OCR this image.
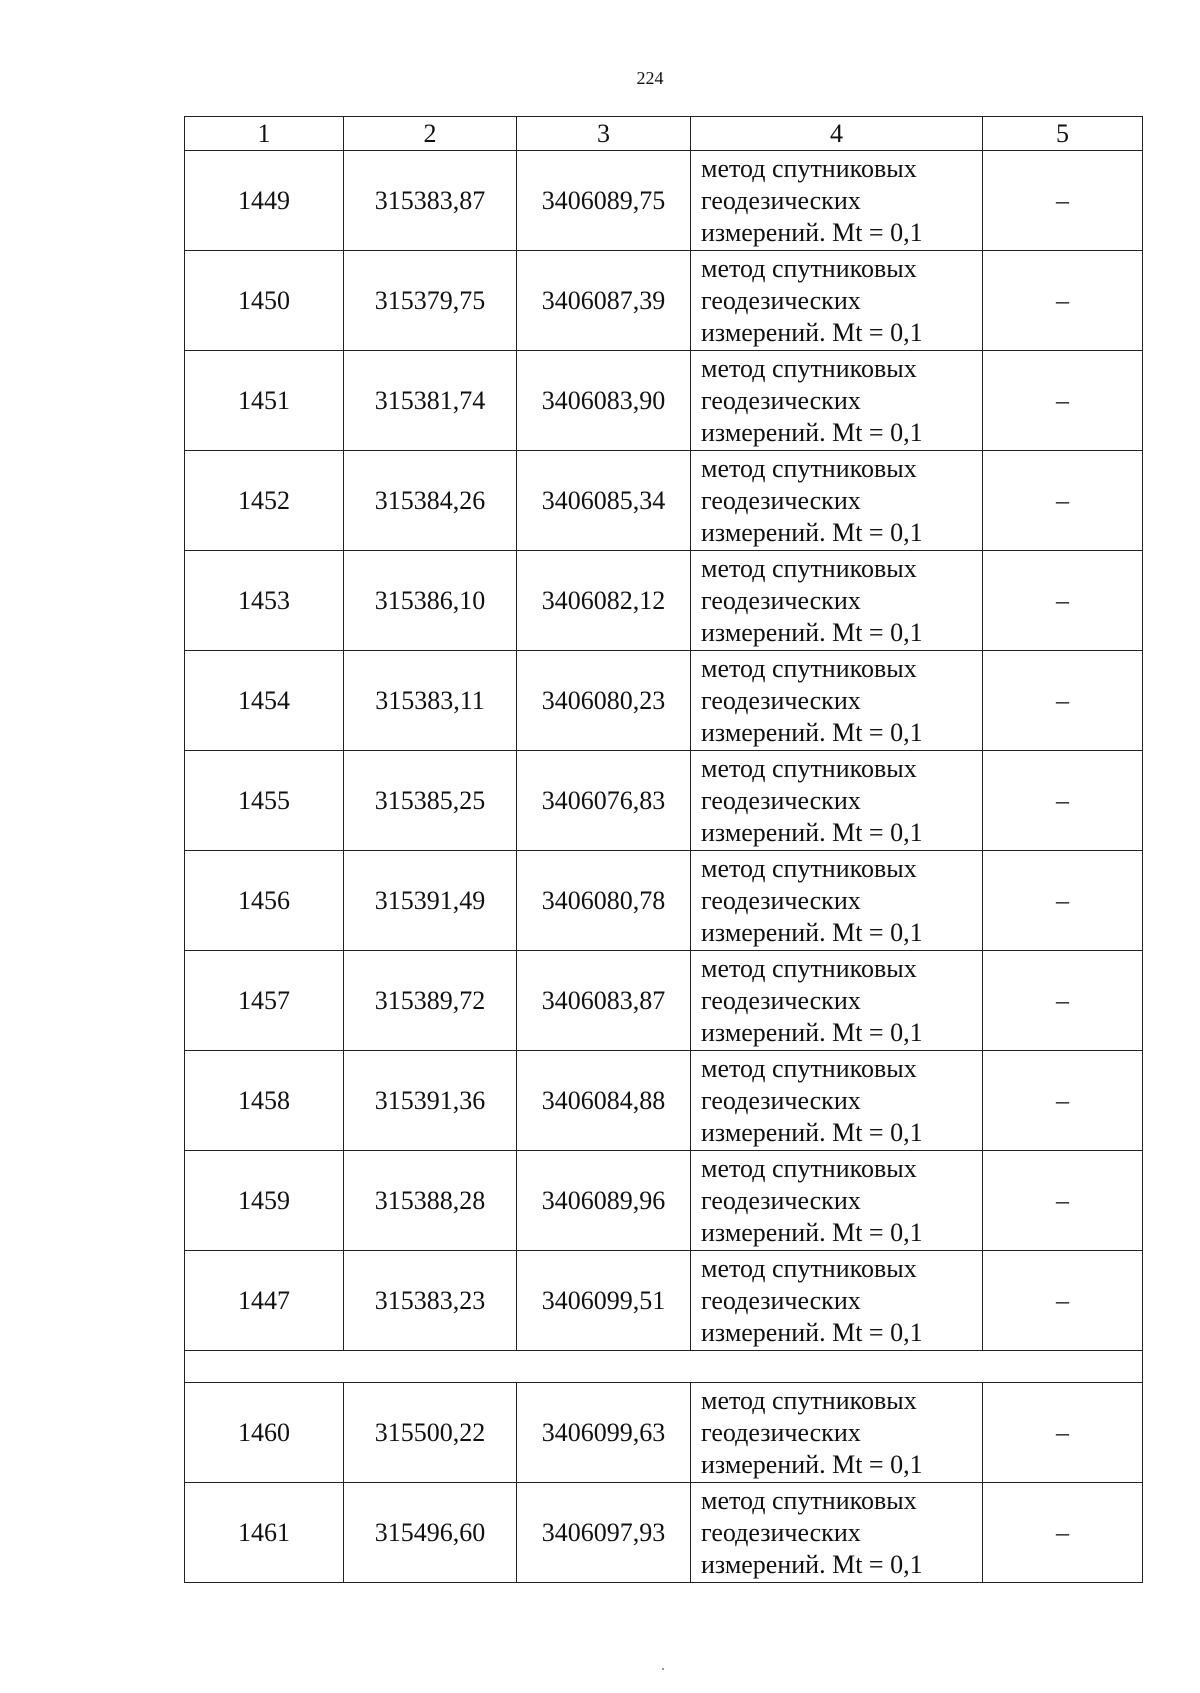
224
1	2	3	4	5
1449	315383,87	3406089,75	метод спутниковых
геодезических
измерений. Mt = 0,1	–
1450	315379,75	3406087,39	метод спутниковых
геодезических
измерений. Mt = 0,1	–
1451	315381,74	3406083,90	метод спутниковых
геодезических
измерений. Mt = 0,1	–
1452	315384,26	3406085,34	метод спутниковых
геодезических
измерений. Mt = 0,1	–
1453	315386,10	3406082,12	метод спутниковых
геодезических
измерений. Mt = 0,1	–
1454	315383,11	3406080,23	метод спутниковых
геодезических
измерений. Mt = 0,1	–
1455	315385,25	3406076,83	метод спутниковых
геодезических
измерений. Mt = 0,1	–
1456	315391,49	3406080,78	метод спутниковых
геодезических
измерений. Mt = 0,1	–
1457	315389,72	3406083,87	метод спутниковых
геодезических
измерений. Mt = 0,1	–
1458	315391,36	3406084,88	метод спутниковых
геодезических
измерений. Mt = 0,1	–
1459	315388,28	3406089,96	метод спутниковых
геодезических
измерений. Mt = 0,1	–
1447	315383,23	3406099,51	метод спутниковых
геодезических
измерений. Mt = 0,1	–

1460	315500,22	3406099,63	метод спутниковых
геодезических
измерений. Mt = 0,1	–
1461	315496,60	3406097,93	метод спутниковых
геодезических
измерений. Mt = 0,1	–
